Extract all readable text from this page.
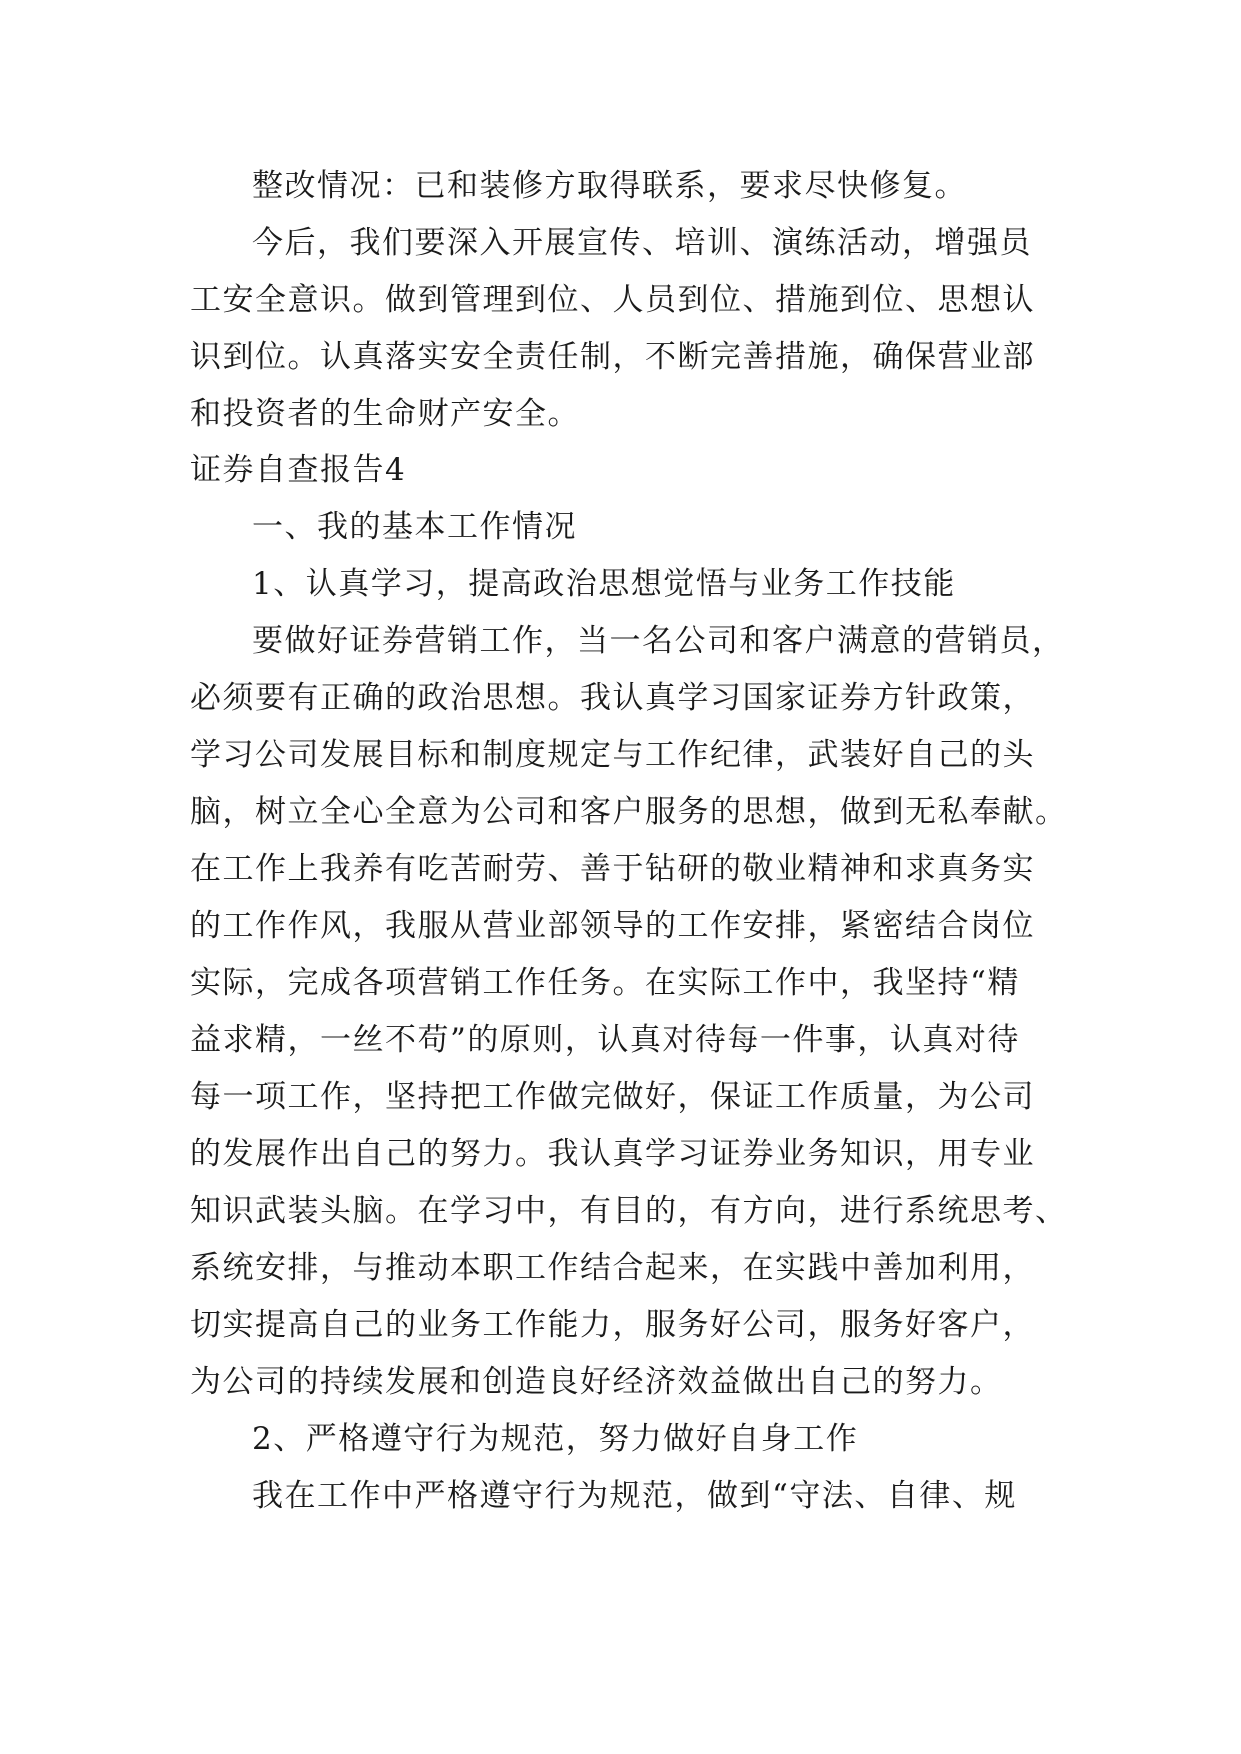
整改情况：已和装修方取得联系，要求尽快修复。
今后，我们要深入开展宣传、培训、演练活动，增强员
工安全意识。做到管理到位、人员到位、措施到位、思想认
识到位。认真落实安全责任制，不断完善措施，确保营业部
和投资者的生命财产安全。
证券自查报告4
一、我的基本工作情况
1、认真学习，提高政治思想觉悟与业务工作技能
要做好证券营销工作，当一名公司和客户满意的营销员，
必须要有正确的政治思想。我认真学习国家证券方针政策，
学习公司发展目标和制度规定与工作纪律，武装好自己的头
脑，树立全心全意为公司和客户服务的思想，做到无私奉献。
在工作上我养有吃苦耐劳、善于钻研的敬业精神和求真务实
的工作作风，我服从营业部领导的工作安排，紧密结合岗位
实际，完成各项营销工作任务。在实际工作中，我坚持“精
益求精，一丝不苟”的原则，认真对待每一件事，认真对待
每一项工作，坚持把工作做完做好，保证工作质量，为公司
的发展作出自己的努力。我认真学习证券业务知识，用专业
知识武装头脑。在学习中，有目的，有方向，进行系统思考、
系统安排，与推动本职工作结合起来，在实践中善加利用，
切实提高自己的业务工作能力，服务好公司，服务好客户，
为公司的持续发展和创造良好经济效益做出自己的努力。
2、严格遵守行为规范，努力做好自身工作
我在工作中严格遵守行为规范，做到“守法、自律、规
